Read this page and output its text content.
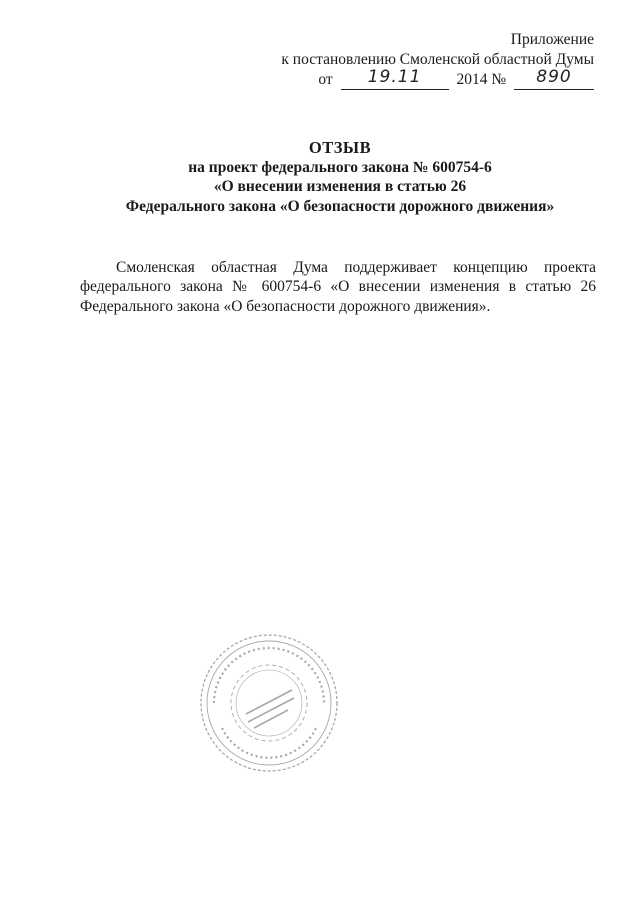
Приложение
к постановлению Смоленской областной Думы
от 19.11 2014 № 890
ОТЗЫВ
на проект федерального закона № 600754-6
«О внесении изменения в статью 26
Федерального закона «О безопасности дорожного движения»

Смоленская областная Дума поддерживает концепцию проекта федерального закона № 600754-6 «О внесении изменения в статью 26 Федерального закона «О безопасности дорожного движения».
